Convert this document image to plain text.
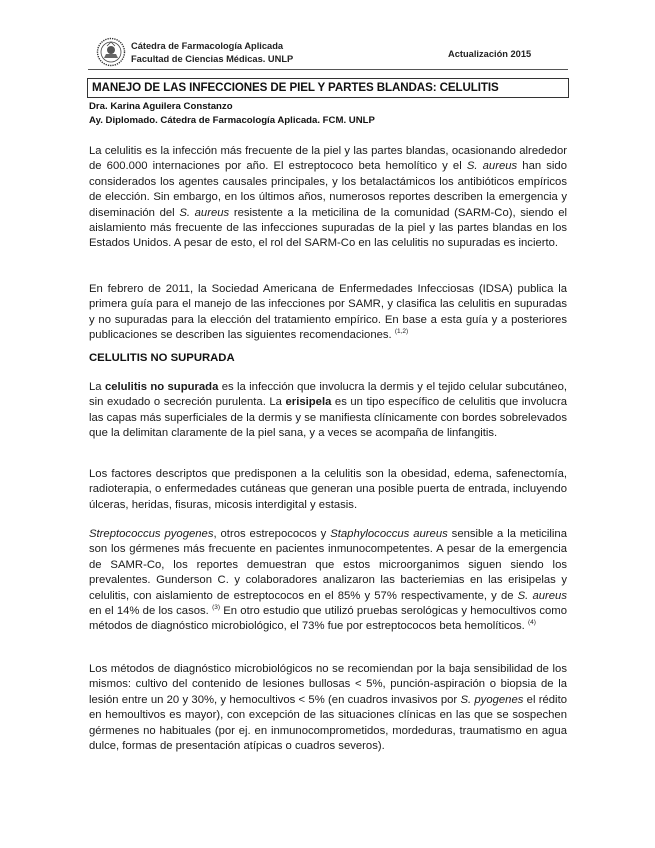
Cátedra de Farmacología Aplicada
Facultad de Ciencias Médicas. UNLP	Actualización 2015
MANEJO DE LAS INFECCIONES DE PIEL Y PARTES BLANDAS: CELULITIS
Dra. Karina Aguilera Constanzo
Ay. Diplomado. Cátedra de Farmacología Aplicada. FCM. UNLP
La celulitis es la infección más frecuente de la piel y las partes blandas, ocasionando alrededor de 600.000 internaciones por año. El estreptococo beta hemolítico y el S. aureus han sido considerados los agentes causales principales, y los betalactámicos los antibióticos empíricos de elección. Sin embargo, en los últimos años, numerosos reportes describen la emergencia y diseminación del S. aureus resistente a la meticilina de la comunidad (SARM-Co), siendo el aislamiento más frecuente de las infecciones supuradas de la piel y las partes blandas en los Estados Unidos. A pesar de esto, el rol del SARM-Co en las celulitis no supuradas es incierto.
En febrero de 2011, la Sociedad Americana de Enfermedades Infecciosas (IDSA) publica la primera guía para el manejo de las infecciones por SAMR, y clasifica las celulitis en supuradas y no supuradas para la elección del tratamiento empírico. En base a esta guía y a posteriores publicaciones se describen las siguientes recomendaciones. $^{(1,2)}$
CELULITIS NO SUPURADA
La celulitis no supurada es la infección que involucra la dermis y el tejido celular subcutáneo, sin exudado o secreción purulenta. La erisipela es un tipo específico de celulitis que involucra las capas más superficiales de la dermis y se manifiesta clínicamente con bordes sobrelevados que la delimitan claramente de la piel sana, y a veces se acompaña de linfangitis.
Los factores descriptos que predisponen a la celulitis son la obesidad, edema, safenectomía, radioterapia, o enfermedades cutáneas que generan una posible puerta de entrada, incluyendo úlceras, heridas, fisuras, micosis interdigital y estasis.
Streptococcus pyogenes, otros estrepococos y Staphylococcus aureus sensible a la meticilina son los gérmenes más frecuente en pacientes inmunocompetentes. A pesar de la emergencia de SAMR-Co, los reportes demuestran que estos microorganimos siguen siendo los prevalentes. Gunderson C. y colaboradores analizaron las bacteriemias en las erisipelas y celulitis, con aislamiento de estreptococos en el 85% y 57% respectivamente, y de S. aureus en el 14% de los casos. $^{(3)}$ En otro estudio que utilizó pruebas serológicas y hemocultivos como métodos de diagnóstico microbiológico, el 73% fue por estreptococos beta hemolíticos. $^{(4)}$
Los métodos de diagnóstico microbiológicos no se recomiendan por la baja sensibilidad de los mismos: cultivo del contenido de lesiones bullosas < 5%, punción-aspiración o biopsia de la lesión entre un 20 y 30%, y hemocultivos < 5% (en cuadros invasivos por S. pyogenes el rédito en hemoultivos es mayor), con excepción de las situaciones clínicas en las que se sospechen gérmenes no habituales (por ej. en inmunocomprometidos, mordeduras, traumatismo en agua dulce, formas de presentación atípicas o cuadros severos).
